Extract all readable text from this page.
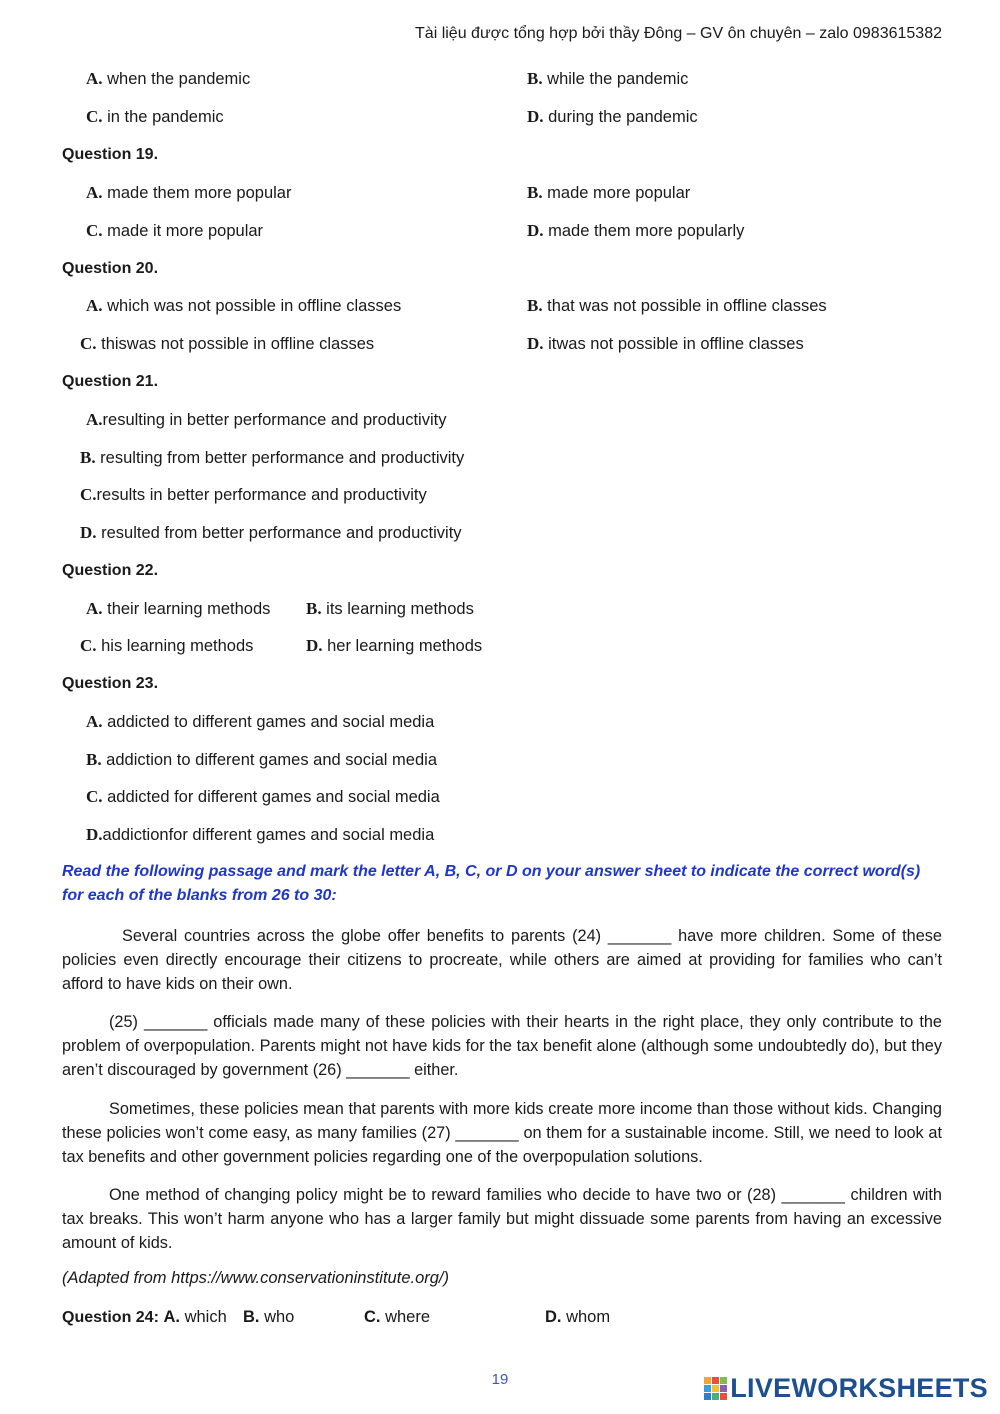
Tài liệu được tổng hợp bởi thầy Đông – GV ôn chuyên – zalo 0983615382
A. when the pandemic	B. while the pandemic
C. in the pandemic	D. during the pandemic
Question 19.
A. made them more popular	B. made more popular
C. made it more popular	D. made them more popularly
Question 20.
A. which was not possible in offline classes	B. that was not possible in offline classes
C. thiswas not possible in offline classes	D. itwas not possible in offline classes
Question 21.
A.resulting in better performance and productivity
B. resulting from better performance and productivity
C.results in better performance and productivity
D. resulted from better performance and productivity
Question 22.
A. their learning methods B. its learning methods
C. his learning methods	D. her learning methods
Question 23.
A. addicted to different games and social media
B. addiction to different games and social media
C. addicted for different games and social media
D.addictionfor different games and social media
Read the following passage and mark the letter A, B, C, or D on your answer sheet to indicate the correct word(s) for each of the blanks from 26 to 30:
Several countries across the globe offer benefits to parents (24) _______ have more children. Some of these policies even directly encourage their citizens to procreate, while others are aimed at providing for families who can’t afford to have kids on their own.
(25) _______ officials made many of these policies with their hearts in the right place, they only contribute to the problem of overpopulation. Parents might not have kids for the tax benefit alone (although some undoubtedly do), but they aren’t discouraged by government (26) _______ either.
Sometimes, these policies mean that parents with more kids create more income than those without kids. Changing these policies won’t come easy, as many families (27) _______ on them for a sustainable income. Still, we need to look at tax benefits and other government policies regarding one of the overpopulation solutions.
One method of changing policy might be to reward families who decide to have two or (28) _______ children with tax breaks. This won’t harm anyone who has a larger family but might dissuade some parents from having an excessive amount of kids.
(Adapted from https://www.conservationinstitute.org/)
Question 24: A. which B. who	C. where	D. whom
19	LIVEWORKSHEETS
